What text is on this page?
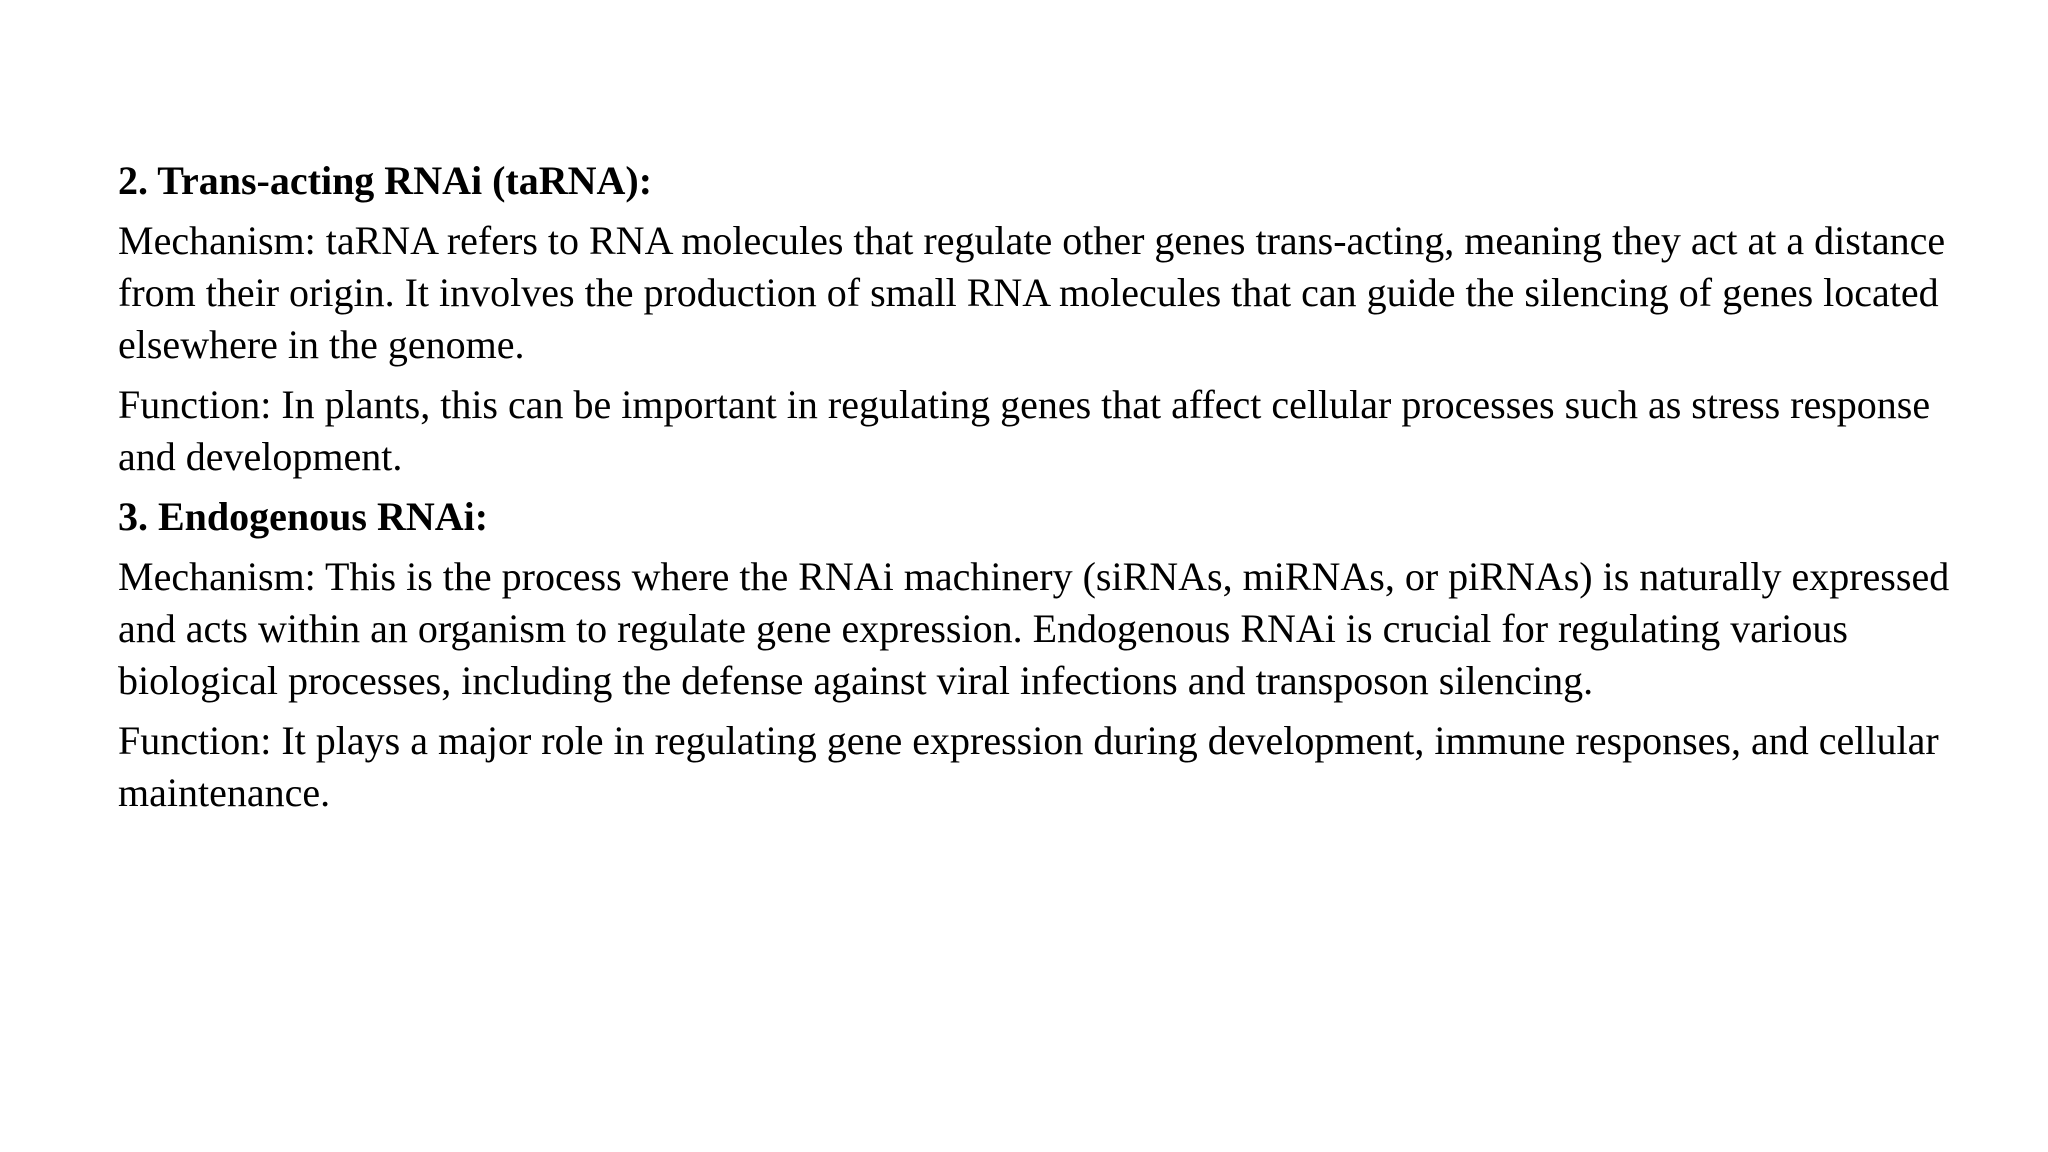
2. Trans-acting RNAi (taRNA):

Mechanism: taRNA refers to RNA molecules that regulate other genes trans-acting, meaning they act at a distance from their origin. It involves the production of small RNA molecules that can guide the silencing of genes located elsewhere in the genome.

Function: In plants, this can be important in regulating genes that affect cellular processes such as stress response and development.

3. Endogenous RNAi:

Mechanism: This is the process where the RNAi machinery (siRNAs, miRNAs, or piRNAs) is naturally expressed and acts within an organism to regulate gene expression. Endogenous RNAi is crucial for regulating various biological processes, including the defense against viral infections and transposon silencing.

Function: It plays a major role in regulating gene expression during development, immune responses, and cellular maintenance.
